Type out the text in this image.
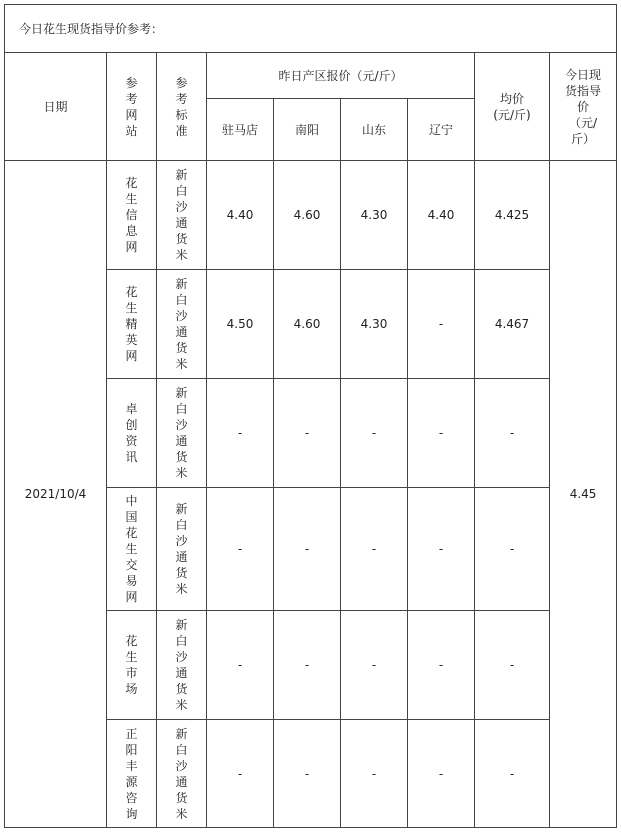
今日花生现货指导价参考：								
日期	参考网站	参考标准	昨日产区报价（元/斤）				均价(元/斤)	今日现货指导价（元/斤）
			驻马店	南阳	山东	辽宁		
2021/10/4	花生信息网	新白沙通货米	4.40	4.60	4.30	4.40	4.425	4.45
	花生精英网	新白沙通货米	4.50	4.60	4.30	-	4.467	
	卓创资讯	新白沙通货米	-	-	-	-	-	
	中国花生交易网	新白沙通货米	-	-	-	-	-	
	花生市场	新白沙通货米	-	-	-	-	-	
	正阳丰源咨询	新白沙通货米	-	-	-	-	-	
